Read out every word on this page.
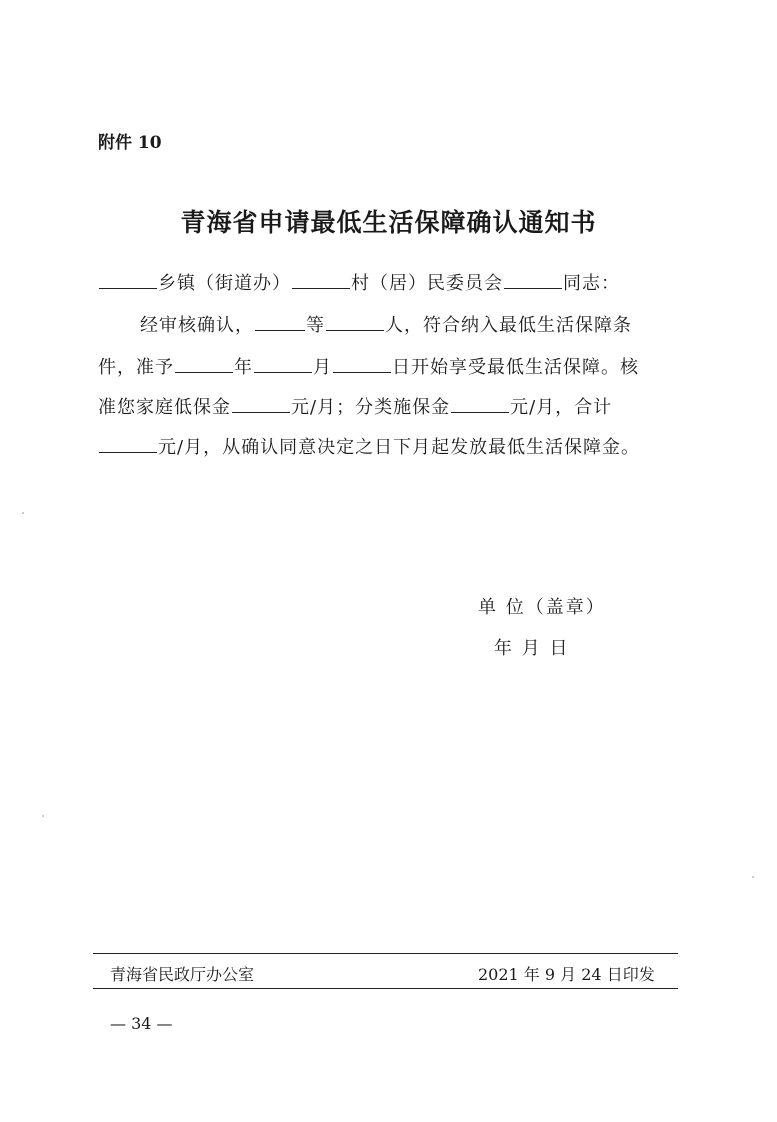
附件 10
青海省申请最低生活保障确认通知书
乡镇（街道办）	村（居）民委员会	同志：
经审核确认，	等	人，符合纳入最低生活保障条
件，准予	年	月	日开始享受最低生活保障。核
准您家庭低保金	元/月；分类施保金	元/月，合计
元/月，从确认同意决定之日下月起发放最低生活保障金。
单 位（盖章）
年 月 日
青海省民政厅办公室	2021 年 9 月 24 日印发
— 34 —
